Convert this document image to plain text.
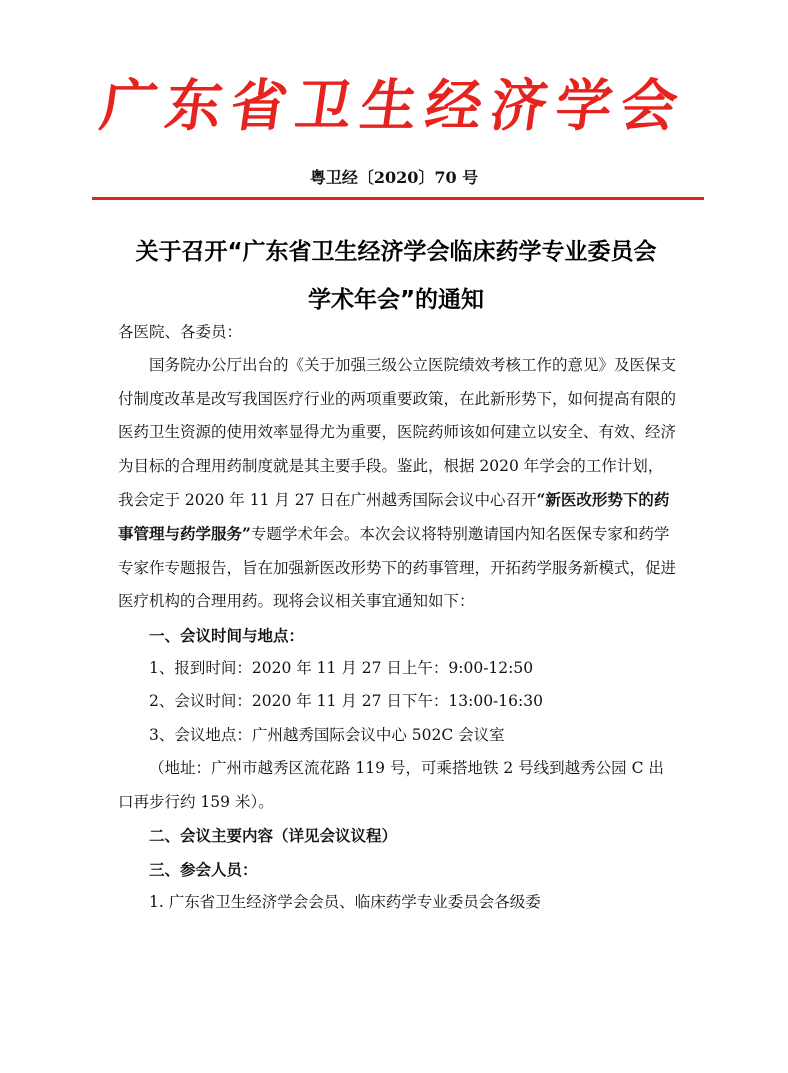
广东省卫生经济学会
粤卫经〔2020〕70 号
关于召开“广东省卫生经济学会临床药学专业委员会
学术年会”的通知

各医院、各委员：

国务院办公厅出台的《关于加强三级公立医院绩效考核工作的意见》及医保支付制度改革是改写我国医疗行业的两项重要政策，在此新形势下，如何提高有限的医药卫生资源的使用效率显得尤为重要，医院药师该如何建立以安全、有效、经济为目标的合理用药制度就是其主要手段。鉴此，根据 2020 年学会的工作计划，我会定于 2020 年 11 月 27 日在广州越秀国际会议中心召开“新医改形势下的药事管理与药学服务”专题学术年会。本次会议将特别邀请国内知名医保专家和药学专家作专题报告，旨在加强新医改形势下的药事管理，开拓药学服务新模式，促进医疗机构的合理用药。现将会议相关事宜通知如下：

一、会议时间与地点：

1、报到时间：2020 年 11 月 27 日上午：9:00-12:50

2、会议时间：2020 年 11 月 27 日下午：13:00-16:30

3、会议地点：广州越秀国际会议中心 502C 会议室

（地址：广州市越秀区流花路 119 号，可乘搭地铁 2 号线到越秀公园 C 出口再步行约 159 米）。

二、会议主要内容（详见会议议程）

三、参会人员：

1. 广东省卫生经济学会会员、临床药学专业委员会各级委
